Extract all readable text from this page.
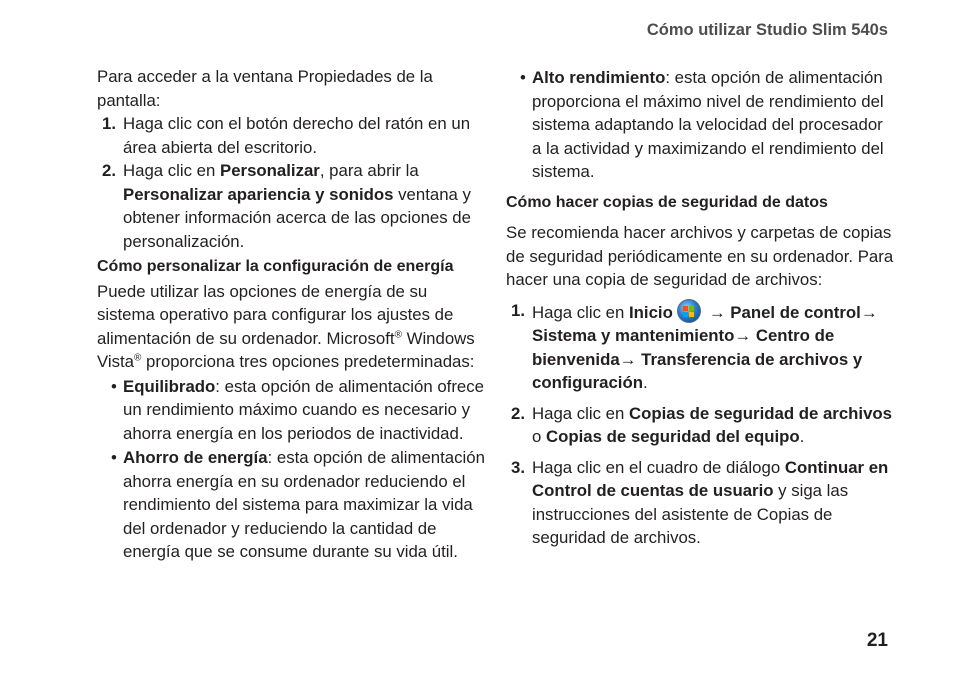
Cómo utilizar Studio Slim 540s

Para acceder a la ventana Propiedades de la pantalla:

1. Haga clic con el botón derecho del ratón en un área abierta del escritorio.

2. Haga clic en Personalizar, para abrir la Personalizar apariencia y sonidos ventana y obtener información acerca de las opciones de personalización.

Cómo personalizar la configuración de energía

Puede utilizar las opciones de energía de su sistema operativo para configurar los ajustes de alimentación de su ordenador. Microsoft® Windows Vista® proporciona tres opciones predeterminadas:

• Equilibrado: esta opción de alimentación ofrece un rendimiento máximo cuando es necesario y ahorra energía en los periodos de inactividad.

• Ahorro de energía: esta opción de alimentación ahorra energía en su ordenador reduciendo el rendimiento del sistema para maximizar la vida del ordenador y reduciendo la cantidad de energía que se consume durante su vida útil.

• Alto rendimiento: esta opción de alimentación proporciona el máximo nivel de rendimiento del sistema adaptando la velocidad del procesador a la actividad y maximizando el rendimiento del sistema.

Cómo hacer copias de seguridad de datos

Se recomienda hacer archivos y carpetas de copias de seguridad periódicamente en su ordenador. Para hacer una copia de seguridad de archivos:

1. Haga clic en Inicio → Panel de control→ Sistema y mantenimiento→ Centro de bienvenida→ Transferencia de archivos y configuración.

2. Haga clic en Copias de seguridad de archivos o Copias de seguridad del equipo.

3. Haga clic en el cuadro de diálogo Continuar en Control de cuentas de usuario y siga las instrucciones del asistente de Copias de seguridad de archivos.

21
